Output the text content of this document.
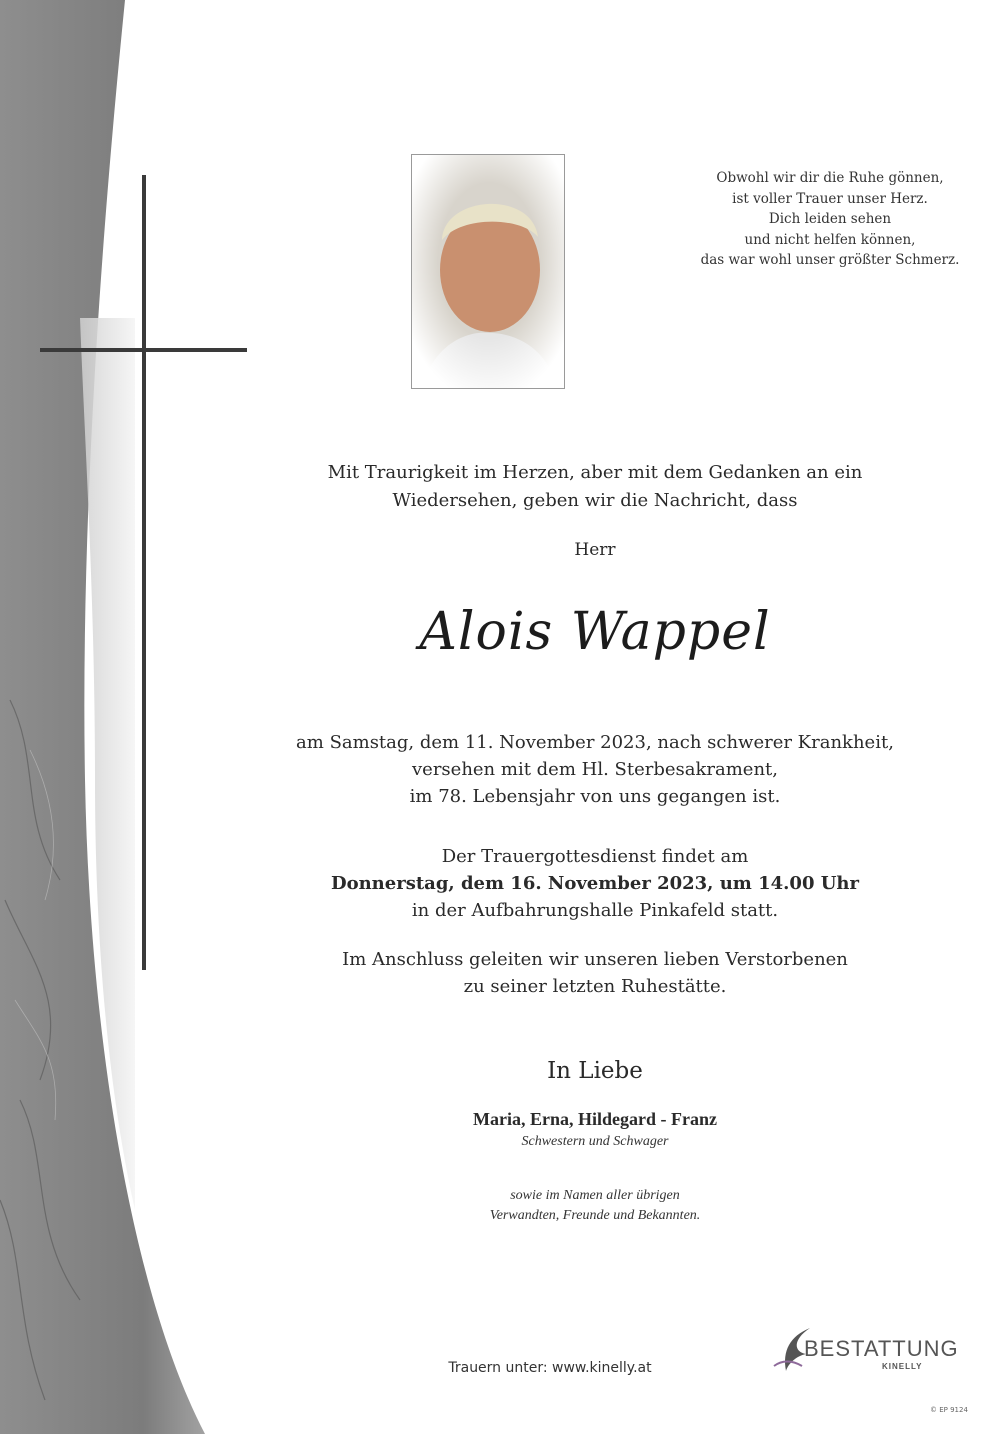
Obwohl wir dir die Ruhe gönnen,
ist voller Trauer unser Herz.
Dich leiden sehen
und nicht helfen können,
das war wohl unser größter Schmerz.
Mit Traurigkeit im Herzen, aber mit dem Gedanken an ein
Wiedersehen, geben wir die Nachricht, dass
Herr
Alois Wappel
am Samstag, dem 11. November 2023, nach schwerer Krankheit,
versehen mit dem Hl. Sterbesakrament,
im 78. Lebensjahr von uns gegangen ist.
Der Trauergottesdienst findet am
Donnerstag, dem 16. November 2023, um 14.00 Uhr
in der Aufbahrungshalle Pinkafeld statt.
Im Anschluss geleiten wir unseren lieben Verstorbenen
zu seiner letzten Ruhestätte.
In Liebe
Maria, Erna, Hildegard - Franz
Schwestern und Schwager
sowie im Namen aller übrigen
Verwandten, Freunde und Bekannten.
Trauern unter: www.kinelly.at
BESTATTUNG
KINELLY
© EP 9124
